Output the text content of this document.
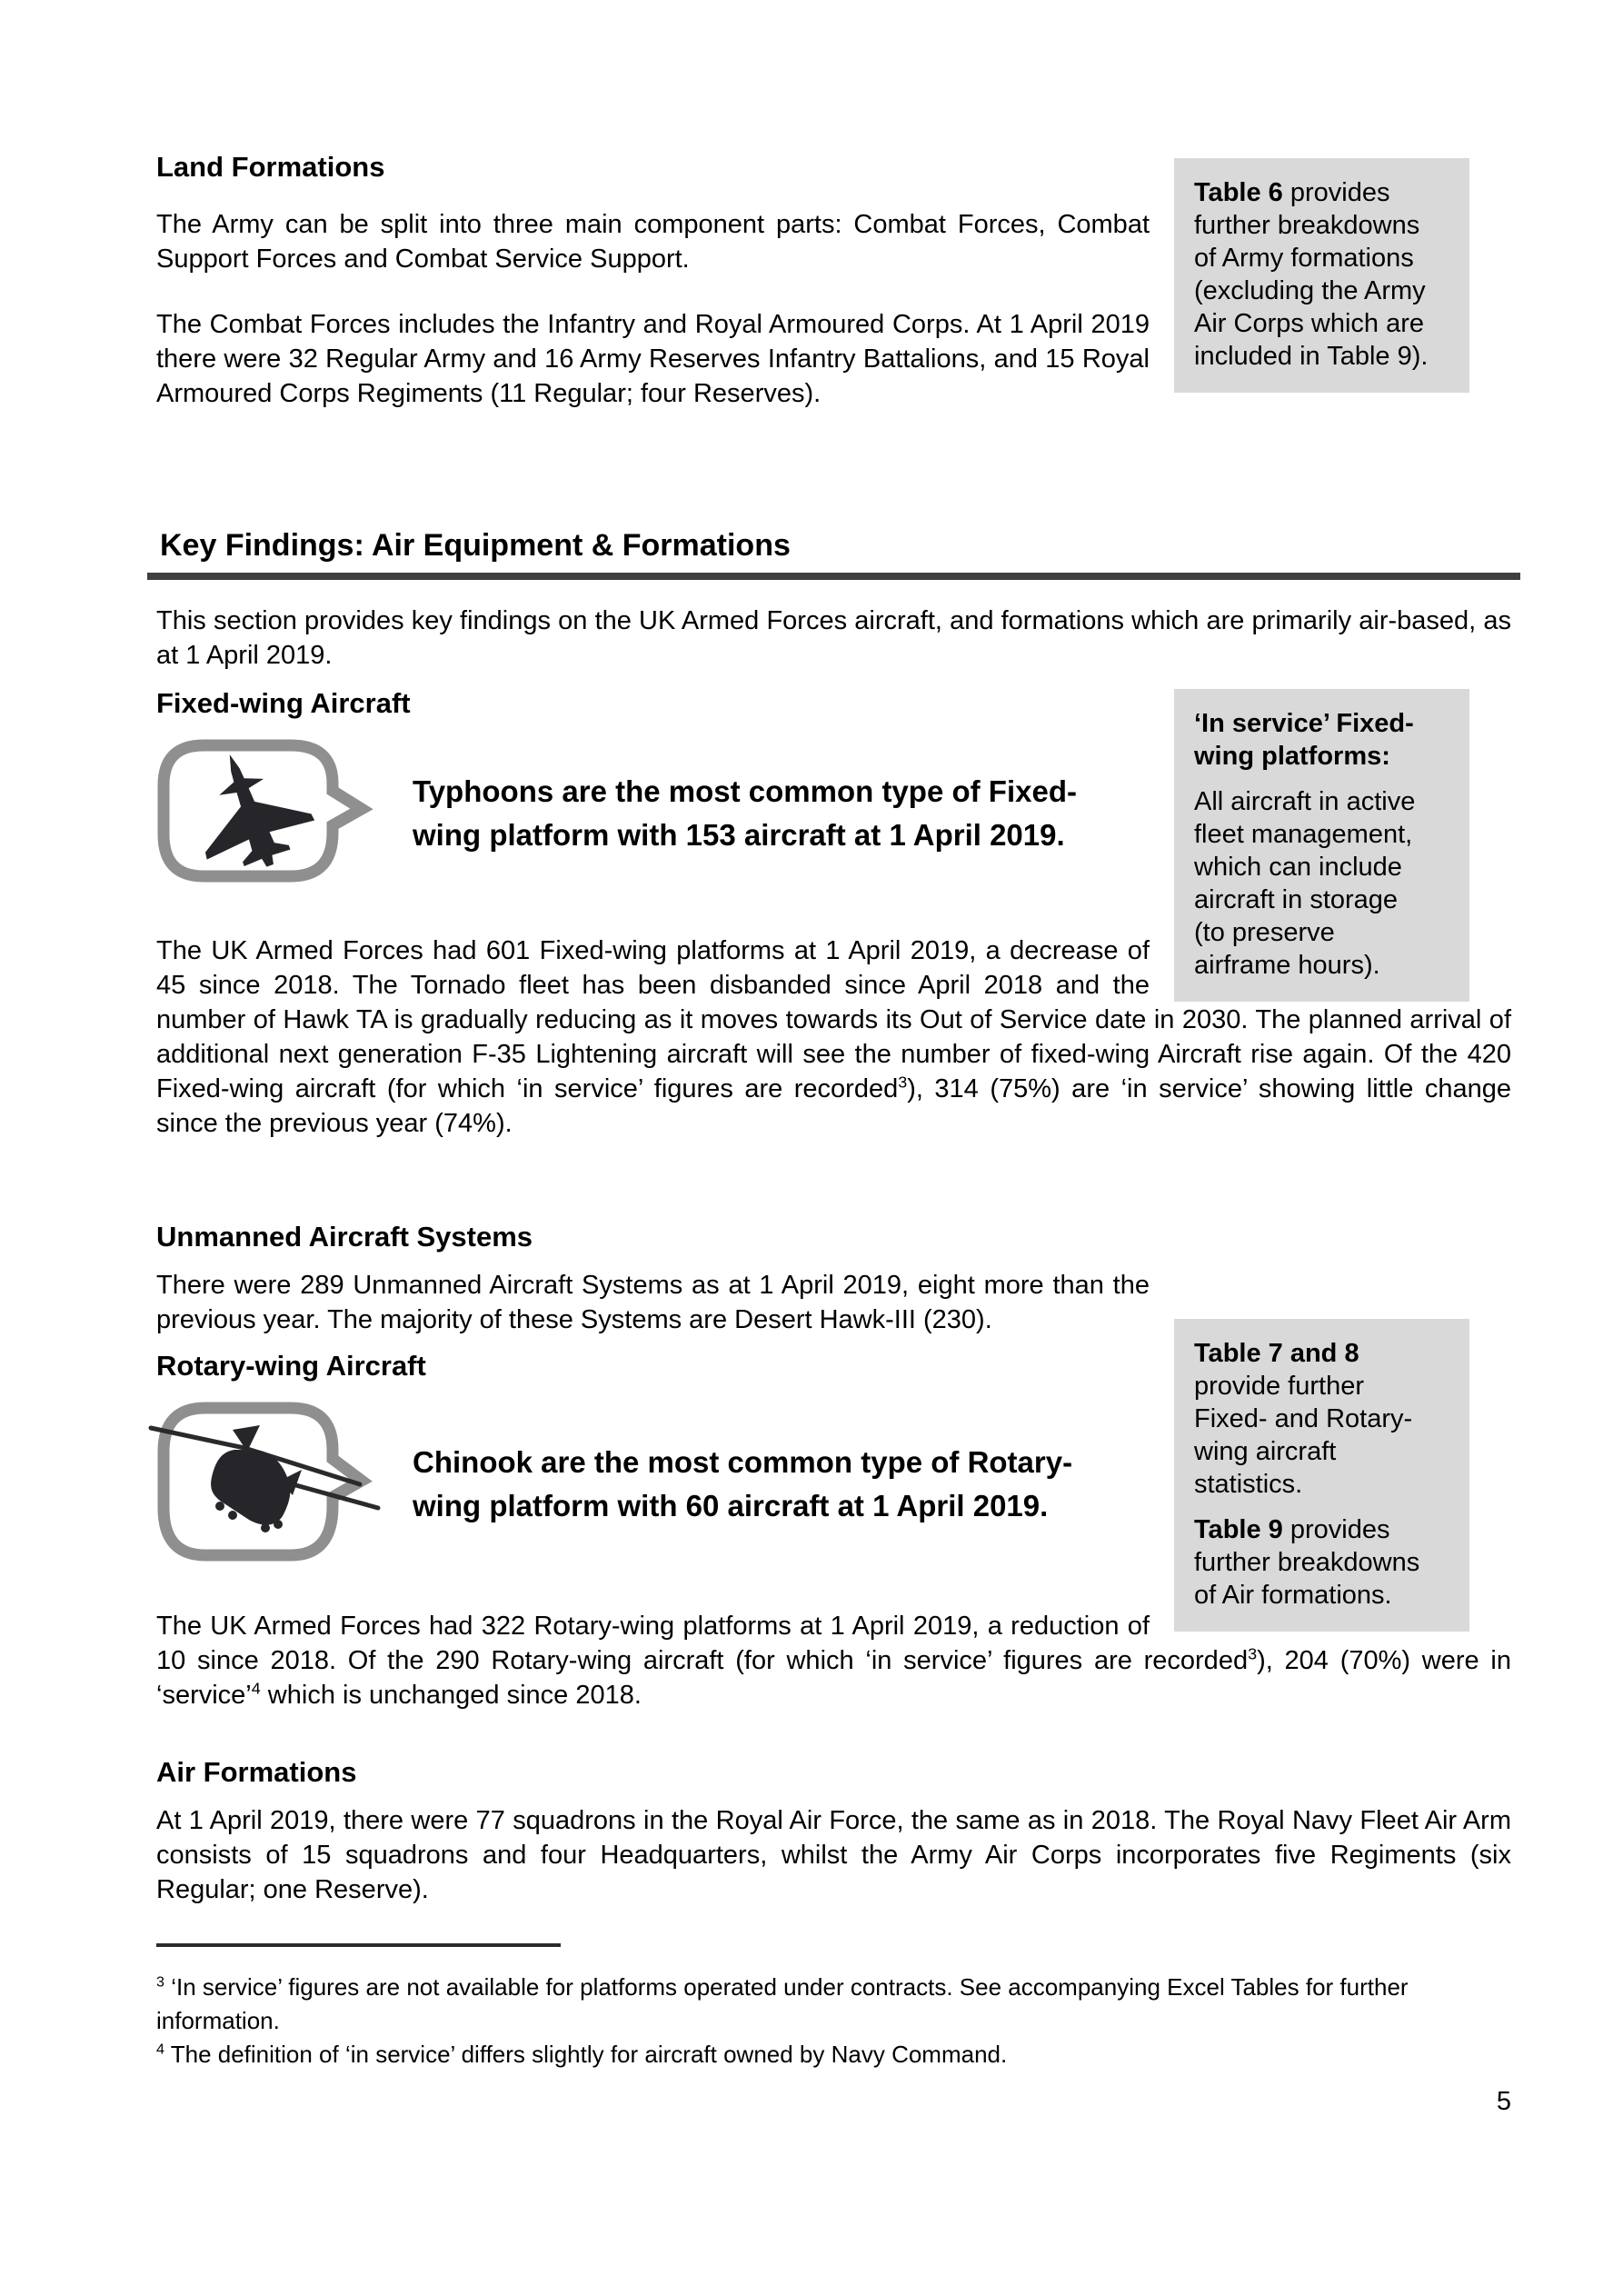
Table 6 provides further breakdowns of Army formations (excluding the Army Air Corps which are included in Table 9).
Land Formations

The Army can be split into three main component parts: Combat Forces, Combat Support Forces and Combat Service Support.

The Combat Forces includes the Infantry and Royal Armoured Corps. At 1 April 2019 there were 32 Regular Army and 16 Army Reserves Infantry Battalions, and 15 Royal Armoured Corps Regiments (11 Regular; four Reserves).

Key Findings: Air Equipment & Formations

This section provides key findings on the UK Armed Forces aircraft, and formations which are primarily air-based, as at 1 April 2019.

‘In service’ Fixed-wing platforms:
All aircraft in active fleet management, which can include aircraft in storage (to preserve airframe hours).
Fixed-wing Aircraft
Typhoons are the most common type of Fixed-
wing platform with 153 aircraft at 1 April 2019.

The UK Armed Forces had 601 Fixed-wing platforms at 1 April 2019, a decrease of 45 since 2018. The Tornado fleet has been disbanded since April 2018 and the number of Hawk TA is gradually reducing as it moves towards its Out of Service date in 2030. The planned arrival of additional next generation F-35 Lightening aircraft will see the number of fixed-wing Aircraft rise again. Of the 420 Fixed-wing aircraft (for which ‘in service’ figures are recorded$^3$), 314 (75%) are ‘in service’ showing little change since the previous year (74%).

Table 7 and 8 provide further Fixed- and Rotary-wing aircraft statistics.
Table 9 provides further breakdowns of Air formations.
Unmanned Aircraft Systems

There were 289 Unmanned Aircraft Systems as at 1 April 2019, eight more than the previous year. The majority of these Systems are Desert Hawk-III (230).

Rotary-wing Aircraft
Chinook are the most common type of Rotary-
wing platform with 60 aircraft at 1 April 2019.

The UK Armed Forces had 322 Rotary-wing platforms at 1 April 2019, a reduction of 10 since 2018. Of the 290 Rotary-wing aircraft (for which ‘in service’ figures are recorded$^3$), 204 (70%) were in ‘service’$^4$ which is unchanged since 2018.

Air Formations

At 1 April 2019, there were 77 squadrons in the Royal Air Force, the same as in 2018. The Royal Navy Fleet Air Arm consists of 15 squadrons and four Headquarters, whilst the Army Air Corps incorporates five Regiments (six Regular; one Reserve).

$^3$ ‘In service’ figures are not available for platforms operated under contracts. See accompanying Excel Tables for further information.

$^4$ The definition of ‘in service’ differs slightly for aircraft owned by Navy Command.

5
